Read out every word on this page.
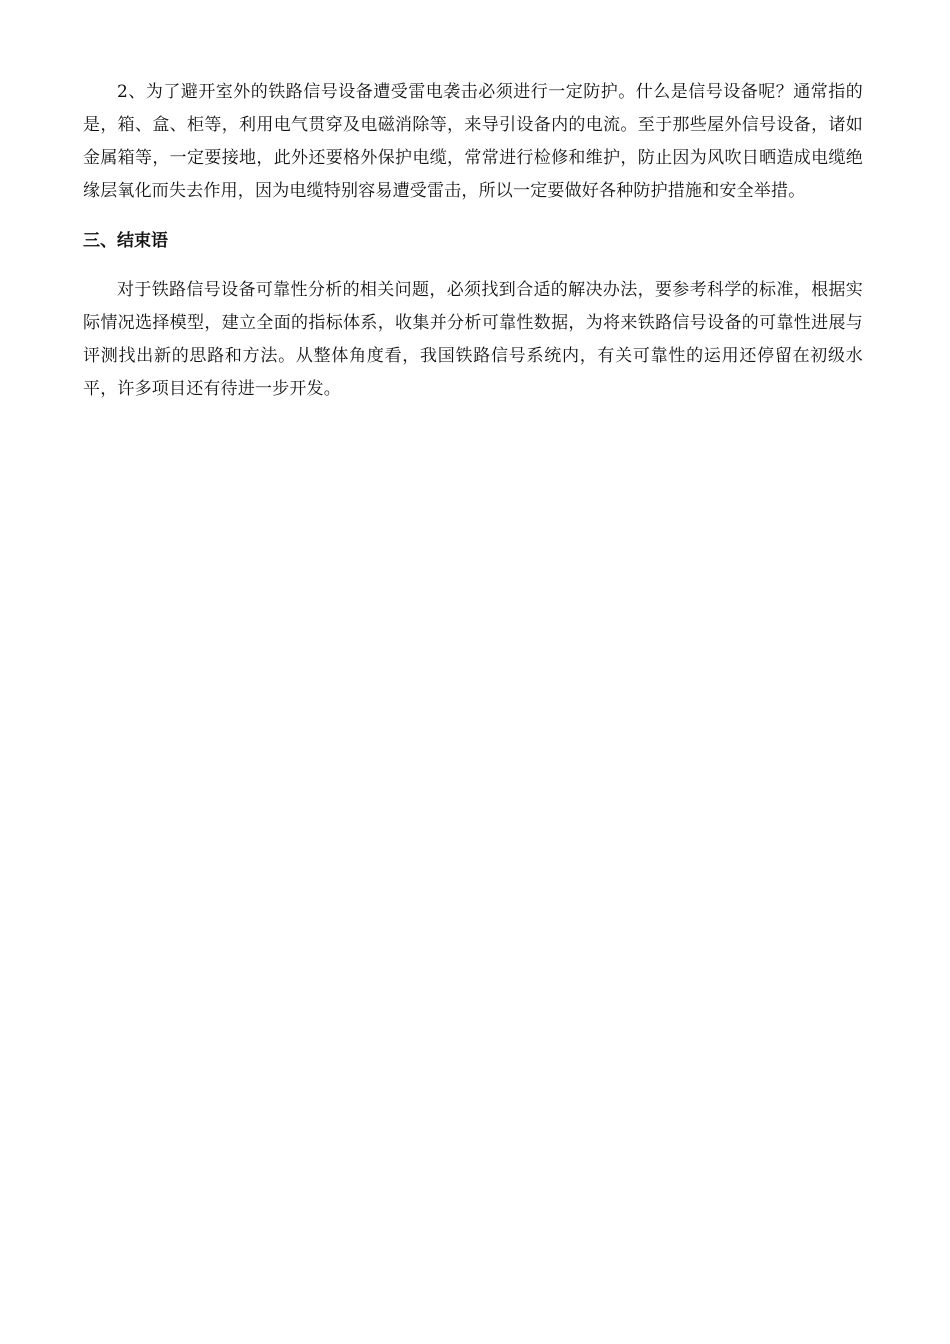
2、为了避开室外的铁路信号设备遭受雷电袭击必须进行一定防护。什么是信号设备呢？通常指的是，箱、盒、柜等，利用电气贯穿及电磁消除等，来导引设备内的电流。至于那些屋外信号设备，诸如金属箱等，一定要接地，此外还要格外保护电缆，常常进行检修和维护，防止因为风吹日晒造成电缆绝缘层氧化而失去作用，因为电缆特别容易遭受雷击，所以一定要做好各种防护措施和安全举措。

三、结束语

对于铁路信号设备可靠性分析的相关问题，必须找到合适的解决办法，要参考科学的标准，根据实际情况选择模型，建立全面的指标体系，收集并分析可靠性数据，为将来铁路信号设备的可靠性进展与评测找出新的思路和方法。从整体角度看，我国铁路信号系统内，有关可靠性的运用还停留在初级水平，许多项目还有待进一步开发。
